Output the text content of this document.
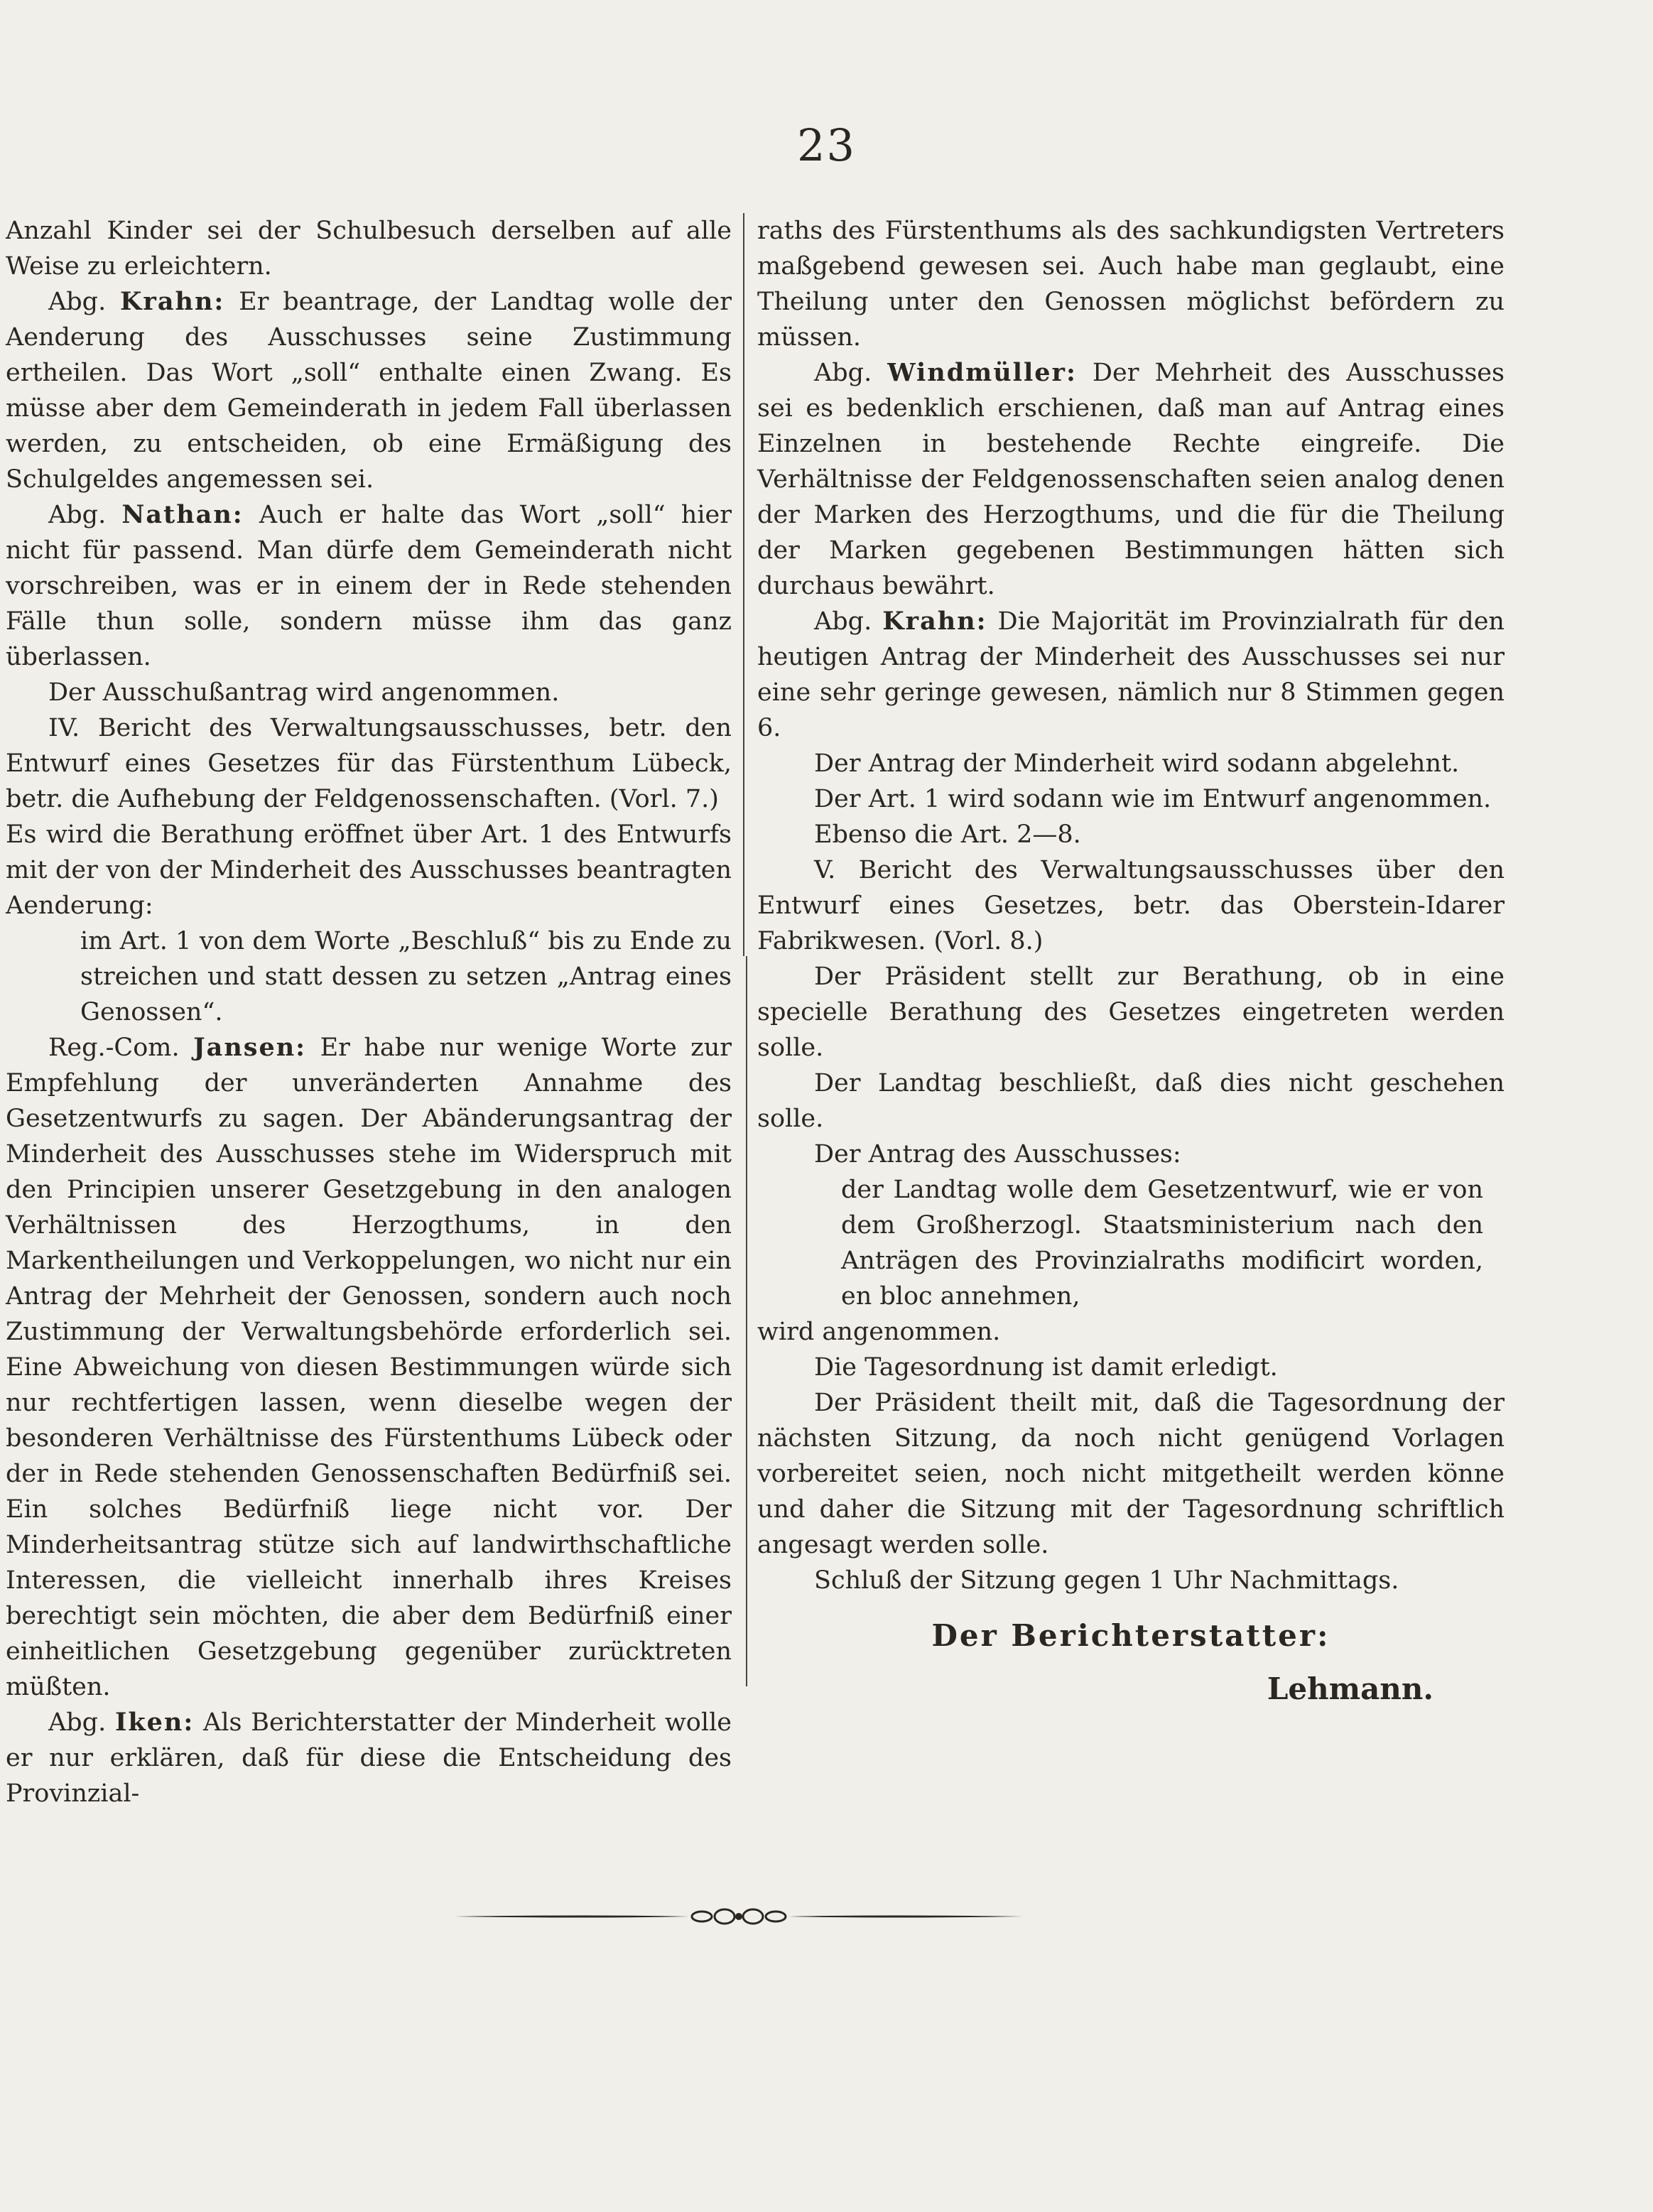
23

Anzahl Kinder sei der Schulbesuch derselben auf alle Weise zu erleichtern.

Abg. Krahn: Er beantrage, der Landtag wolle der Aenderung des Ausschusses seine Zustimmung ertheilen. Das Wort „soll“ enthalte einen Zwang. Es müsse aber dem Gemeinderath in jedem Fall überlassen werden, zu entscheiden, ob eine Ermäßigung des Schulgeldes angemessen sei.

Abg. Nathan: Auch er halte das Wort „soll“ hier nicht für passend. Man dürfe dem Gemeinderath nicht vorschreiben, was er in einem der in Rede stehenden Fälle thun solle, sondern müsse ihm das ganz überlassen.

Der Ausschußantrag wird angenommen.

IV. Bericht des Verwaltungsausschusses, betr. den Entwurf eines Gesetzes für das Fürstenthum Lübeck, betr. die Aufhebung der Feldgenossenschaften. (Vorl. 7.)

Es wird die Berathung eröffnet über Art. 1 des Entwurfs mit der von der Minderheit des Ausschusses beantragten Aenderung:

im Art. 1 von dem Worte „Beschluß“ bis zu Ende zu streichen und statt dessen zu setzen „Antrag eines Genossen“.

Reg.-Com. Jansen: Er habe nur wenige Worte zur Empfehlung der unveränderten Annahme des Gesetzentwurfs zu sagen. Der Abänderungsantrag der Minderheit des Ausschusses stehe im Widerspruch mit den Principien unserer Gesetzgebung in den analogen Verhältnissen des Herzogthums, in den Markentheilungen und Verkoppelungen, wo nicht nur ein Antrag der Mehrheit der Genossen, sondern auch noch Zustimmung der Verwaltungsbehörde erforderlich sei. Eine Abweichung von diesen Bestimmungen würde sich nur rechtfertigen lassen, wenn dieselbe wegen der besonderen Verhältnisse des Fürstenthums Lübeck oder der in Rede stehenden Genossenschaften Bedürfniß sei. Ein solches Bedürfniß liege nicht vor. Der Minderheitsantrag stütze sich auf landwirthschaftliche Interessen, die vielleicht innerhalb ihres Kreises berechtigt sein möchten, die aber dem Bedürfniß einer einheitlichen Gesetzgebung gegenüber zurücktreten müßten.

Abg. Iken: Als Berichterstatter der Minderheit wolle er nur erklären, daß für diese die Entscheidung des Provinzial-

raths des Fürstenthums als des sachkundigsten Vertreters maßgebend gewesen sei. Auch habe man geglaubt, eine Theilung unter den Genossen möglichst befördern zu müssen.

Abg. Windmüller: Der Mehrheit des Ausschusses sei es bedenklich erschienen, daß man auf Antrag eines Einzelnen in bestehende Rechte eingreife. Die Verhältnisse der Feldgenossenschaften seien analog denen der Marken des Herzogthums, und die für die Theilung der Marken gegebenen Bestimmungen hätten sich durchaus bewährt.

Abg. Krahn: Die Majorität im Provinzialrath für den heutigen Antrag der Minderheit des Ausschusses sei nur eine sehr geringe gewesen, nämlich nur 8 Stimmen gegen 6.

Der Antrag der Minderheit wird sodann abgelehnt.

Der Art. 1 wird sodann wie im Entwurf angenommen.

Ebenso die Art. 2—8.

V. Bericht des Verwaltungsausschusses über den Entwurf eines Gesetzes, betr. das Oberstein-Idarer Fabrikwesen. (Vorl. 8.)

Der Präsident stellt zur Berathung, ob in eine specielle Berathung des Gesetzes eingetreten werden solle.

Der Landtag beschließt, daß dies nicht geschehen solle.

Der Antrag des Ausschusses:

der Landtag wolle dem Gesetzentwurf, wie er von dem Großherzogl. Staatsministerium nach den Anträgen des Provinzialraths modificirt worden, en bloc annehmen,

wird angenommen.

Die Tagesordnung ist damit erledigt.

Der Präsident theilt mit, daß die Tagesordnung der nächsten Sitzung, da noch nicht genügend Vorlagen vorbereitet seien, noch nicht mitgetheilt werden könne und daher die Sitzung mit der Tagesordnung schriftlich angesagt werden solle.

Schluß der Sitzung gegen 1 Uhr Nachmittags.

Der Berichterstatter:
Lehmann.
